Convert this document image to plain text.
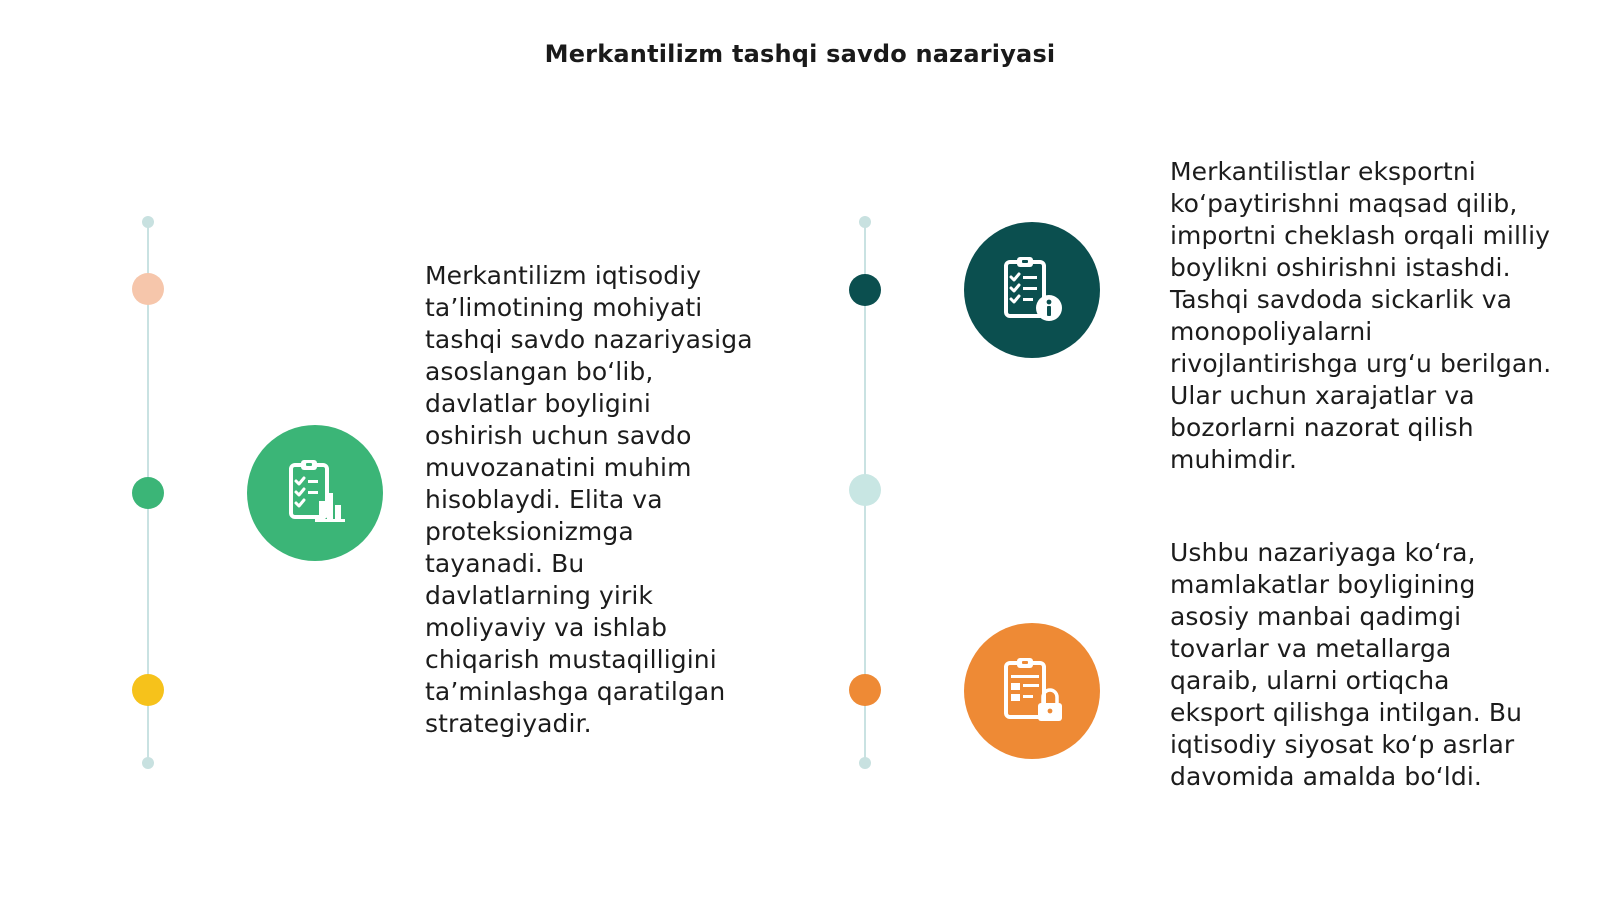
Merkantilizm tashqi savdo nazariyasi
Merkantilizm iqtisodiy ta’limotining mohiyati tashqi savdo nazariyasiga asoslangan bo‘lib, davlatlar boyligini oshirish uchun savdo muvozanatini muhim hisoblaydi. Elita va proteksionizmga tayanadi. Bu davlatlarning yirik moliyaviy va ishlab chiqarish mustaqilligini ta’minlashga qaratilgan strategiyadir.
Merkantilistlar eksportni ko‘paytirishni maqsad qilib, importni cheklash orqali milliy boylikni oshirishni istashdi. Tashqi savdoda sickarlik va monopoliyalarni rivojlantirishga urg‘u berilgan. Ular uchun xarajatlar va bozorlarni nazorat qilish muhimdir.
Ushbu nazariyaga ko‘ra, mamlakatlar boyligining asosiy manbai qadimgi tovarlar va metallarga qaraib, ularni ortiqcha eksport qilishga intilgan. Bu iqtisodiy siyosat ko‘p asrlar davomida amalda bo‘ldi.
